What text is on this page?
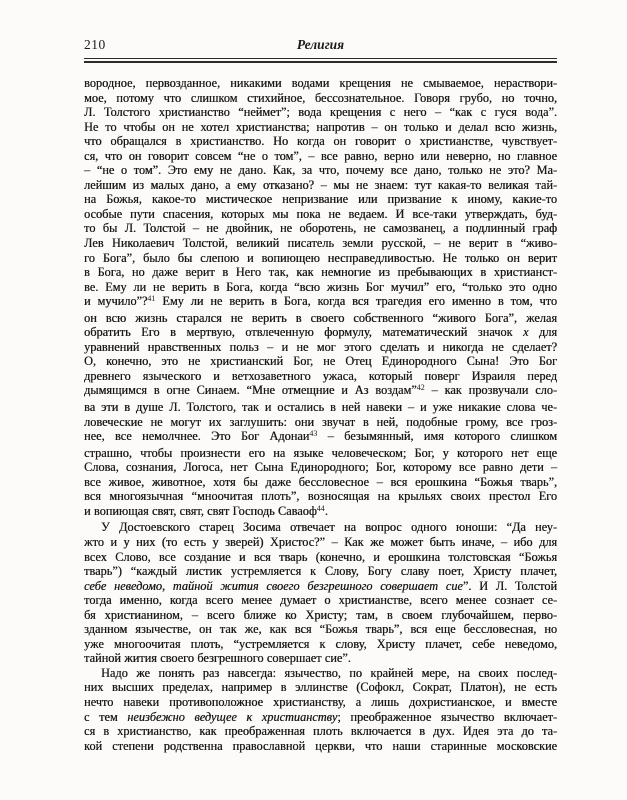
210	Религия
вородное, первозданное, никакими водами крещения не смываемое, нераствори-
мое, потому что слишком стихийное, бессознательное. Говоря грубо, но точно,
Л. Толстого христианство “неймет”; вода крещения с него – “как с гуся вода”.
Не то чтобы он не хотел христианства; напротив – он только и делал всю жизнь,
что обращался в христианство. Но когда он говорит о христианстве, чувствует-
ся, что он говорит совсем “не о том”, – все равно, верно или неверно, но главное
– “не о том”. Это ему не дано. Как, за что, почему все дано, только не это? Ма-
лейшим из малых дано, а ему отказано? – мы не знаем: тут какая-то великая тай-
на Божья, какое-то мистическое непризвание или призвание к иному, какие-то
особые пути спасения, которых мы пока не ведаем. И все-таки утверждать, буд-
то бы Л. Толстой – не двойник, не оборотень, не самозванец, а подлинный граф
Лев Николаевич Толстой, великий писатель земли русской, – не верит в “живо-
го Бога”, было бы слепою и вопиющею несправедливостью. Не только он верит
в Бога, но даже верит в Него так, как немногие из пребывающих в христианст-
ве. Ему ли не верить в Бога, когда “всю жизнь Бог мучил” его, “только это одно
и мучило”?$^{41}$ Ему ли не верить в Бога, когда вся трагедия его именно в том, что
он всю жизнь старался не верить в своего собственного “живого Бога”, желая
обратить Его в мертвую, отвлеченную формулу, математический значок x для
уравнений нравственных польз – и не мог этого сделать и никогда не сделает?
О, конечно, это не христианский Бог, не Отец Единородного Сына! Это Бог
древнего языческого и ветхозаветного ужаса, который поверг Израиля перед
дымящимся в огне Синаем. “Мне отмещние и Аз воздам”$^{42}$ – как прозвучали сло-
ва эти в душе Л. Толстого, так и остались в ней навеки – и уже никакие слова че-
ловеческие не могут их заглушить: они звучат в ней, подобные грому, все гроз-
нее, все немолчнее. Это Бог Адонаи$^{43}$ – безымянный, имя которого слишком
страшно, чтобы произнести его на языке человеческом; Бог, у которого нет еще
Слова, сознания, Логоса, нет Сына Единородного; Бог, которому все равно дети –
все живое, животное, хотя бы даже бессловесное – вся ерошкина “Божья тварь”,
вся многоязычная “мноочитая плоть”, возносящая на крыльях своих престол Его
и вопиющая свят, свят, свят Господь Саваоф$^{44}$.
У Достоевского старец Зосима отвечает на вопрос одного юноши: “Да неу-
жто и у них (то есть у зверей) Христос?” – Как же может быть иначе, – ибо для
всех Слово, все создание и вся тварь (конечно, и ерошкина толстовская “Божья
тварь”) “каждый листик устремляется к Слову, Богу славу поет, Христу плачет,
себе неведомо, тайной жития своего безгрешного совершает сие”. И Л. Толстой
тогда именно, когда всего менее думает о христианстве, всего менее сознает се-
бя христианином, – всего ближе ко Христу; там, в своем глубочайшем, перво-
зданном язычестве, он так же, как вся “Божья тварь”, вся еще бессловесная, но
уже многоочитая плоть, “устремляется к слову, Христу плачет, себе неведомо,
тайной жития своего безгрешного совершает сие”.
Надо же понять раз навсегда: язычество, по крайней мере, на своих послед-
них высших пределах, например в эллинстве (Софокл, Сократ, Платон), не есть
нечто навеки противоположное христианству, а лишь дохристианское, и вместе
с тем неизбежно ведущее к христианству; преображенное язычество включает-
ся в христианство, как преображенная плоть включается в дух. Идея эта до та-
кой степени родственна православной церкви, что наши старинные московские
